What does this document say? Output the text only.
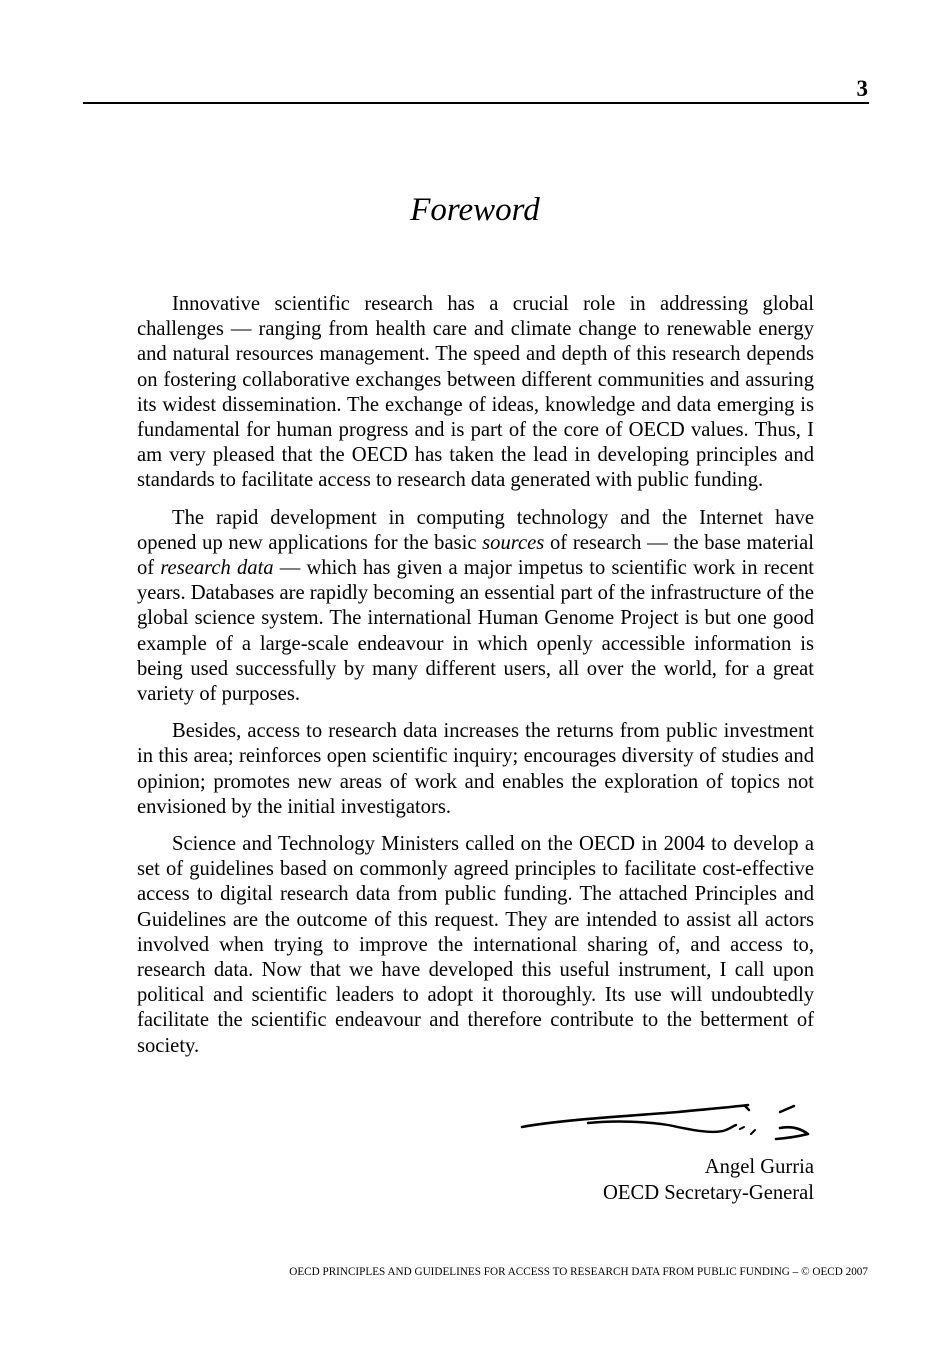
3
Foreword

Innovative scientific research has a crucial role in addressing global challenges — ranging from health care and climate change to renewable energy and natural resources management. The speed and depth of this research depends on fostering collaborative exchanges between different communities and assuring its widest dissemination. The exchange of ideas, knowledge and data emerging is fundamental for human progress and is part of the core of OECD values. Thus, I am very pleased that the OECD has taken the lead in developing principles and standards to facilitate access to research data generated with public funding.

The rapid development in computing technology and the Internet have opened up new applications for the basic sources of research — the base material of research data — which has given a major impetus to scientific work in recent years. Databases are rapidly becoming an essential part of the infrastructure of the global science system. The international Human Genome Project is but one good example of a large-scale endeavour in which openly accessible information is being used successfully by many different users, all over the world, for a great variety of purposes.

Besides, access to research data increases the returns from public investment in this area; reinforces open scientific inquiry; encourages diversity of studies and opinion; promotes new areas of work and enables the exploration of topics not envisioned by the initial investigators.

Science and Technology Ministers called on the OECD in 2004 to develop a set of guidelines based on commonly agreed principles to facilitate cost-effective access to digital research data from public funding. The attached Principles and Guidelines are the outcome of this request. They are intended to assist all actors involved when trying to improve the international sharing of, and access to, research data. Now that we have developed this useful instrument, I call upon political and scientific leaders to adopt it thoroughly. Its use will undoubtedly facilitate the scientific endeavour and therefore contribute to the betterment of society.

Angel Gurria
OECD Secretary-General
OECD PRINCIPLES AND GUIDELINES FOR ACCESS TO RESEARCH DATA FROM PUBLIC FUNDING – © OECD 2007
